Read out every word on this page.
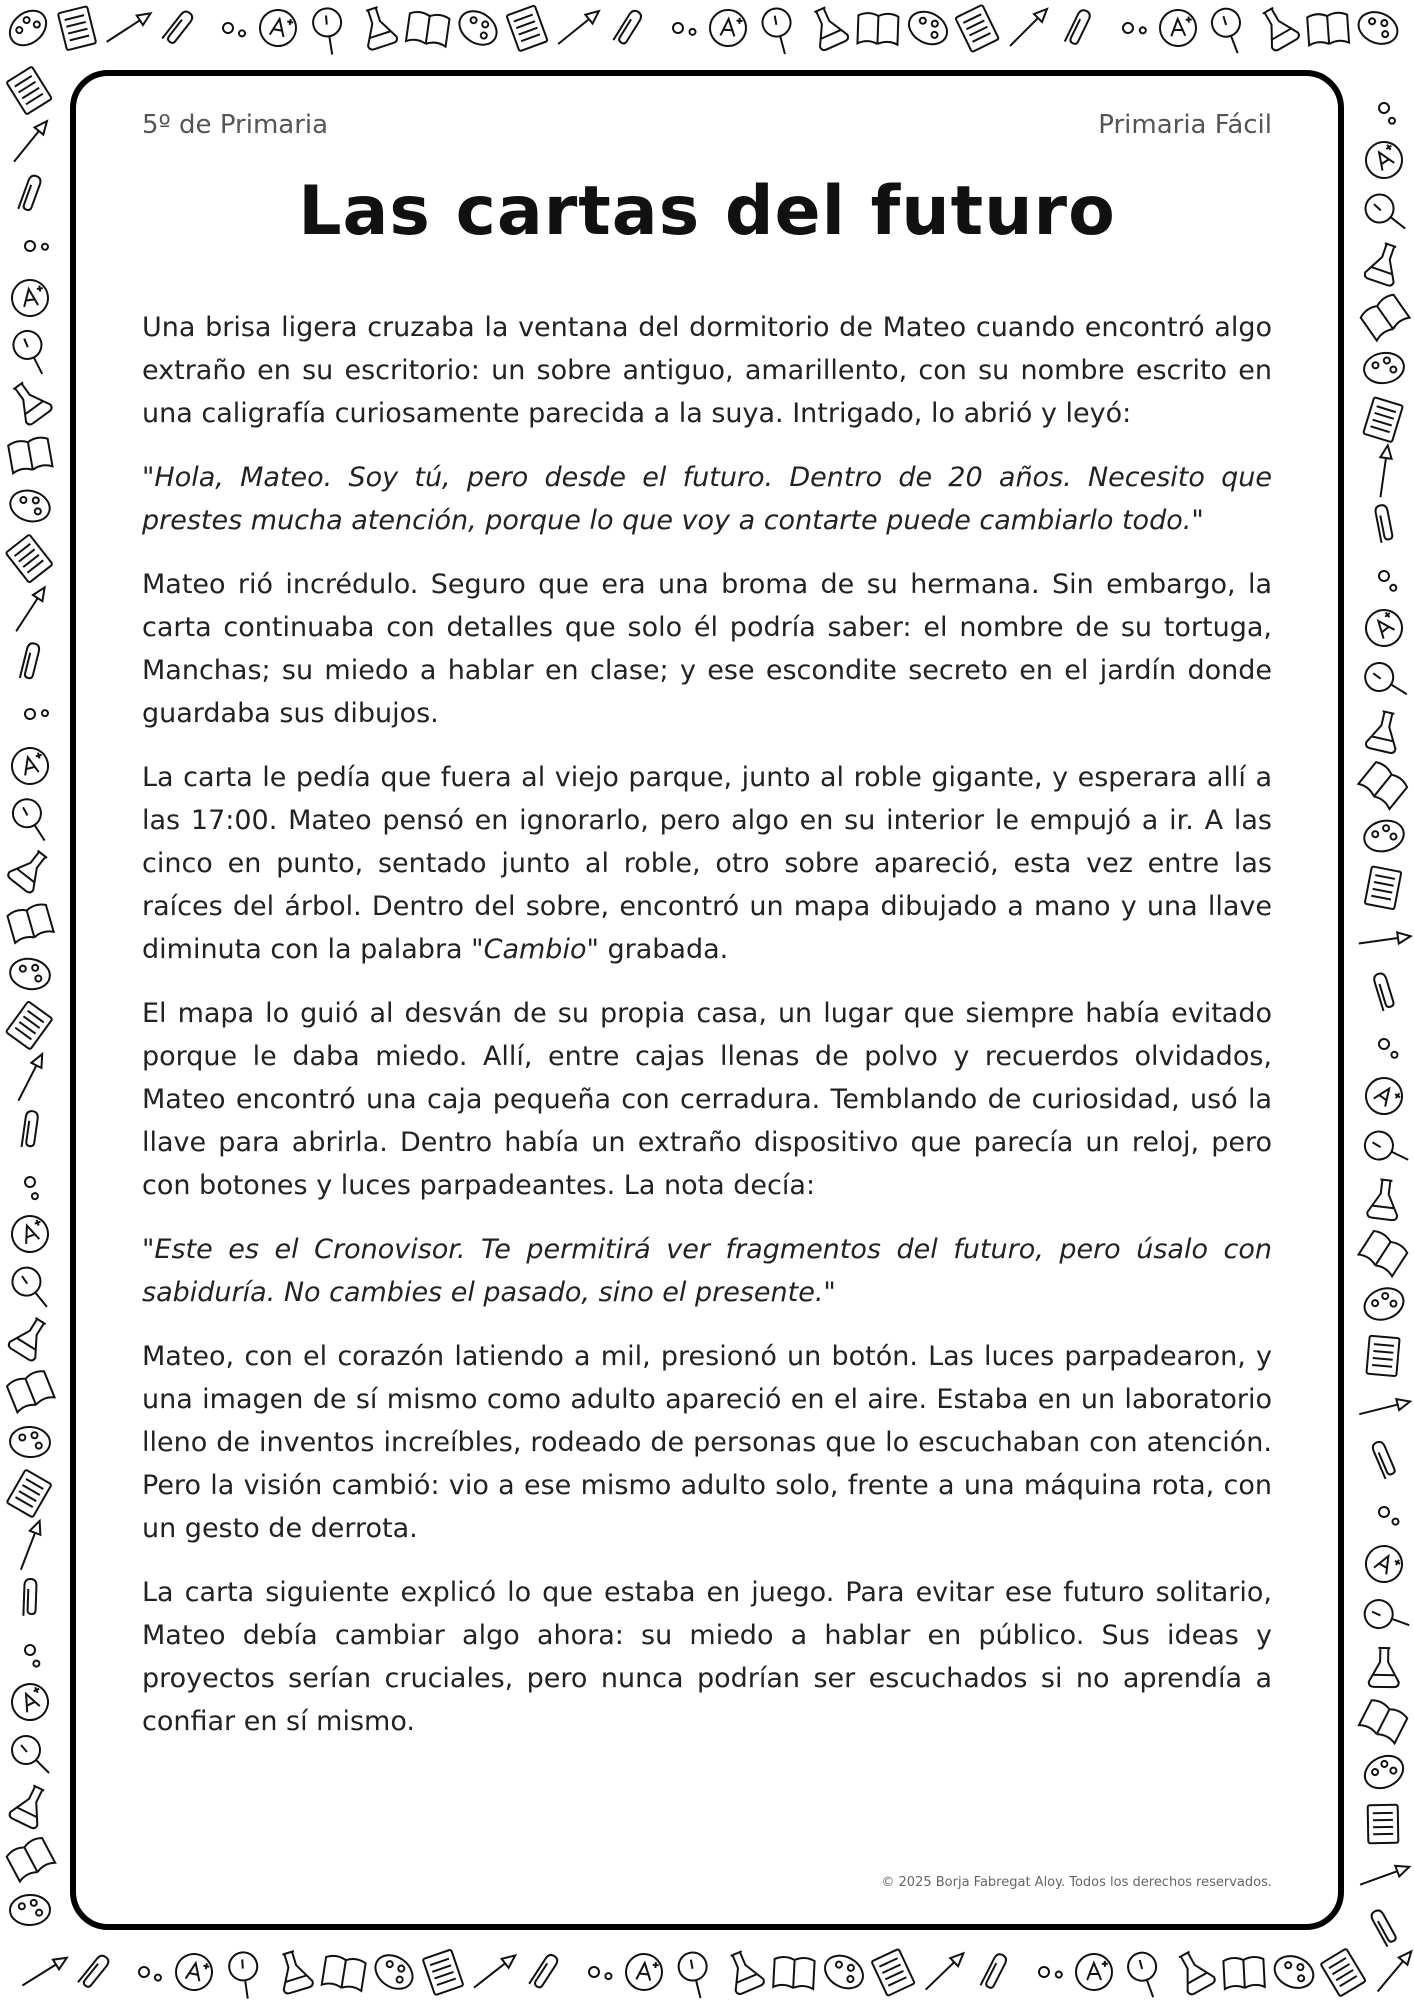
5º de Primaria	Primaria Fácil
Las cartas del futuro

Una brisa ligera cruzaba la ventana del dormitorio de Mateo cuando encontró algo extraño en su escritorio: un sobre antiguo, amarillento, con su nombre escrito en una caligrafía curiosamente parecida a la suya. Intrigado, lo abrió y leyó:

"Hola, Mateo. Soy tú, pero desde el futuro. Dentro de 20 años. Necesito que prestes mucha atención, porque lo que voy a contarte puede cambiarlo todo."

Mateo rió incrédulo. Seguro que era una broma de su hermana. Sin embargo, la carta continuaba con detalles que solo él podría saber: el nombre de su tortuga, Manchas; su miedo a hablar en clase; y ese escondite secreto en el jardín donde guardaba sus dibujos.

La carta le pedía que fuera al viejo parque, junto al roble gigante, y esperara allí a las 17:00. Mateo pensó en ignorarlo, pero algo en su interior le empujó a ir. A las cinco en punto, sentado junto al roble, otro sobre apareció, esta vez entre las raíces del árbol. Dentro del sobre, encontró un mapa dibujado a mano y una llave diminuta con la palabra "Cambio" grabada.

El mapa lo guió al desván de su propia casa, un lugar que siempre había evitado porque le daba miedo. Allí, entre cajas llenas de polvo y recuerdos olvidados, Mateo encontró una caja pequeña con cerradura. Temblando de curiosidad, usó la llave para abrirla. Dentro había un extraño dispositivo que parecía un reloj, pero con botones y luces parpadeantes. La nota decía:

"Este es el Cronovisor. Te permitirá ver fragmentos del futuro, pero úsalo con sabiduría. No cambies el pasado, sino el presente."

Mateo, con el corazón latiendo a mil, presionó un botón. Las luces parpadearon, y una imagen de sí mismo como adulto apareció en el aire. Estaba en un laboratorio lleno de inventos increíbles, rodeado de personas que lo escuchaban con atención. Pero la visión cambió: vio a ese mismo adulto solo, frente a una máquina rota, con un gesto de derrota.

La carta siguiente explicó lo que estaba en juego. Para evitar ese futuro solitario, Mateo debía cambiar algo ahora: su miedo a hablar en público. Sus ideas y proyectos serían cruciales, pero nunca podrían ser escuchados si no aprendía a confiar en sí mismo.

© 2025 Borja Fabregat Aloy. Todos los derechos reservados.
